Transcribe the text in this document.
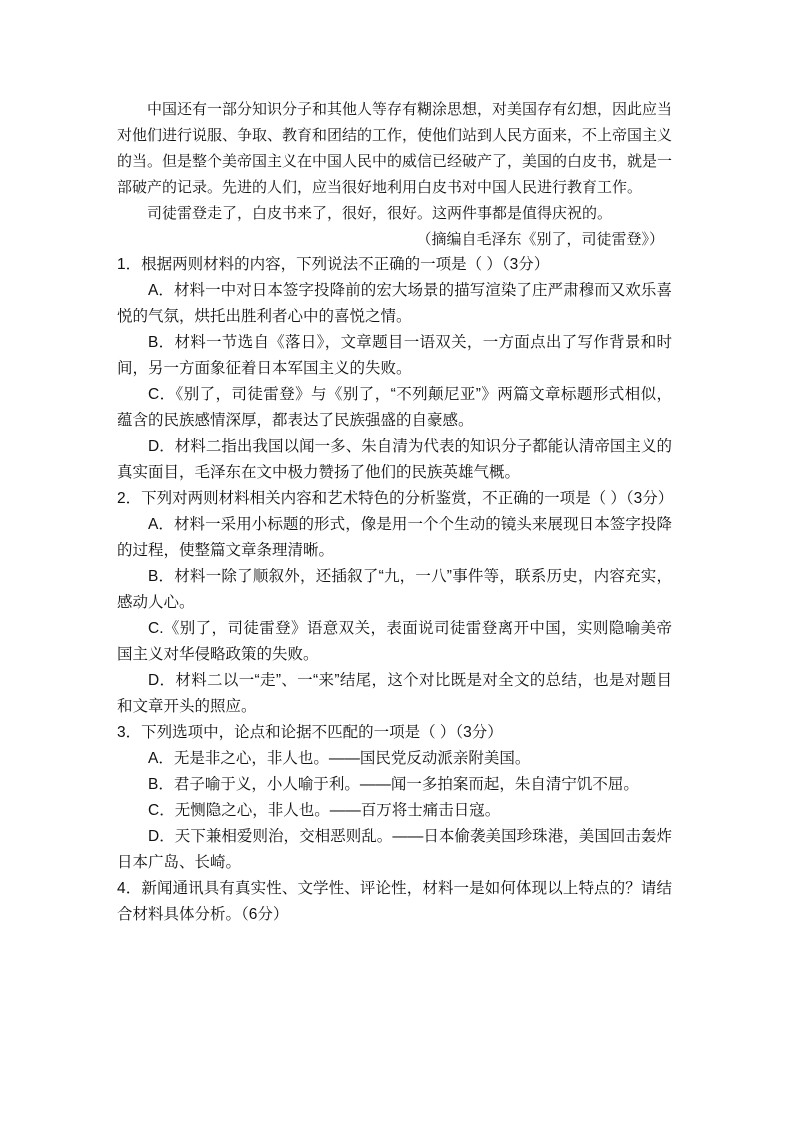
中国还有一部分知识分子和其他人等存有糊涂思想，对美国存有幻想，因此应当对他们进行说服、争取、教育和团结的工作，使他们站到人民方面来，不上帝国主义的当。但是整个美帝国主义在中国人民中的威信已经破产了，美国的白皮书，就是一部破产的记录。先进的人们，应当很好地利用白皮书对中国人民进行教育工作。

司徒雷登走了，白皮书来了，很好，很好。这两件事都是值得庆祝的。

（摘编自毛泽东《别了，司徒雷登》）

1．根据两则材料的内容，下列说法不正确的一项是（ ）（3分）

A．材料一中对日本签字投降前的宏大场景的描写渲染了庄严肃穆而又欢乐喜悦的气氛，烘托出胜利者心中的喜悦之情。

B．材料一节选自《落日》，文章题目一语双关，一方面点出了写作背景和时间，另一方面象征着日本军国主义的失败。

C．《别了，司徒雷登》与《别了，“不列颠尼亚”》两篇文章标题形式相似，蕴含的民族感情深厚，都表达了民族强盛的自豪感。

D．材料二指出我国以闻一多、朱自清为代表的知识分子都能认清帝国主义的真实面目，毛泽东在文中极力赞扬了他们的民族英雄气概。

2．下列对两则材料相关内容和艺术特色的分析鉴赏，不正确的一项是（ ）（3分）

A．材料一采用小标题的形式，像是用一个个生动的镜头来展现日本签字投降的过程，使整篇文章条理清晰。

B．材料一除了顺叙外，还插叙了“九，一八”事件等，联系历史，内容充实，感动人心。

C.《别了，司徒雷登》语意双关，表面说司徒雷登离开中国，实则隐喻美帝国主义对华侵略政策的失败。

D．材料二以一“走”、一“来”结尾，这个对比既是对全文的总结，也是对题目和文章开头的照应。

3．下列选项中，论点和论据不匹配的一项是（ ）（3分）

A．无是非之心，非人也。——国民党反动派亲附美国。

B．君子喻于义，小人喻于利。——闻一多拍案而起，朱自清宁饥不屈。

C．无恻隐之心，非人也。——百万将士痛击日寇。

D．天下兼相爱则治，交相恶则乱。——日本偷袭美国珍珠港，美国回击轰炸日本广岛、长崎。

4．新闻通讯具有真实性、文学性、评论性，材料一是如何体现以上特点的？请结合材料具体分析。（6分）
